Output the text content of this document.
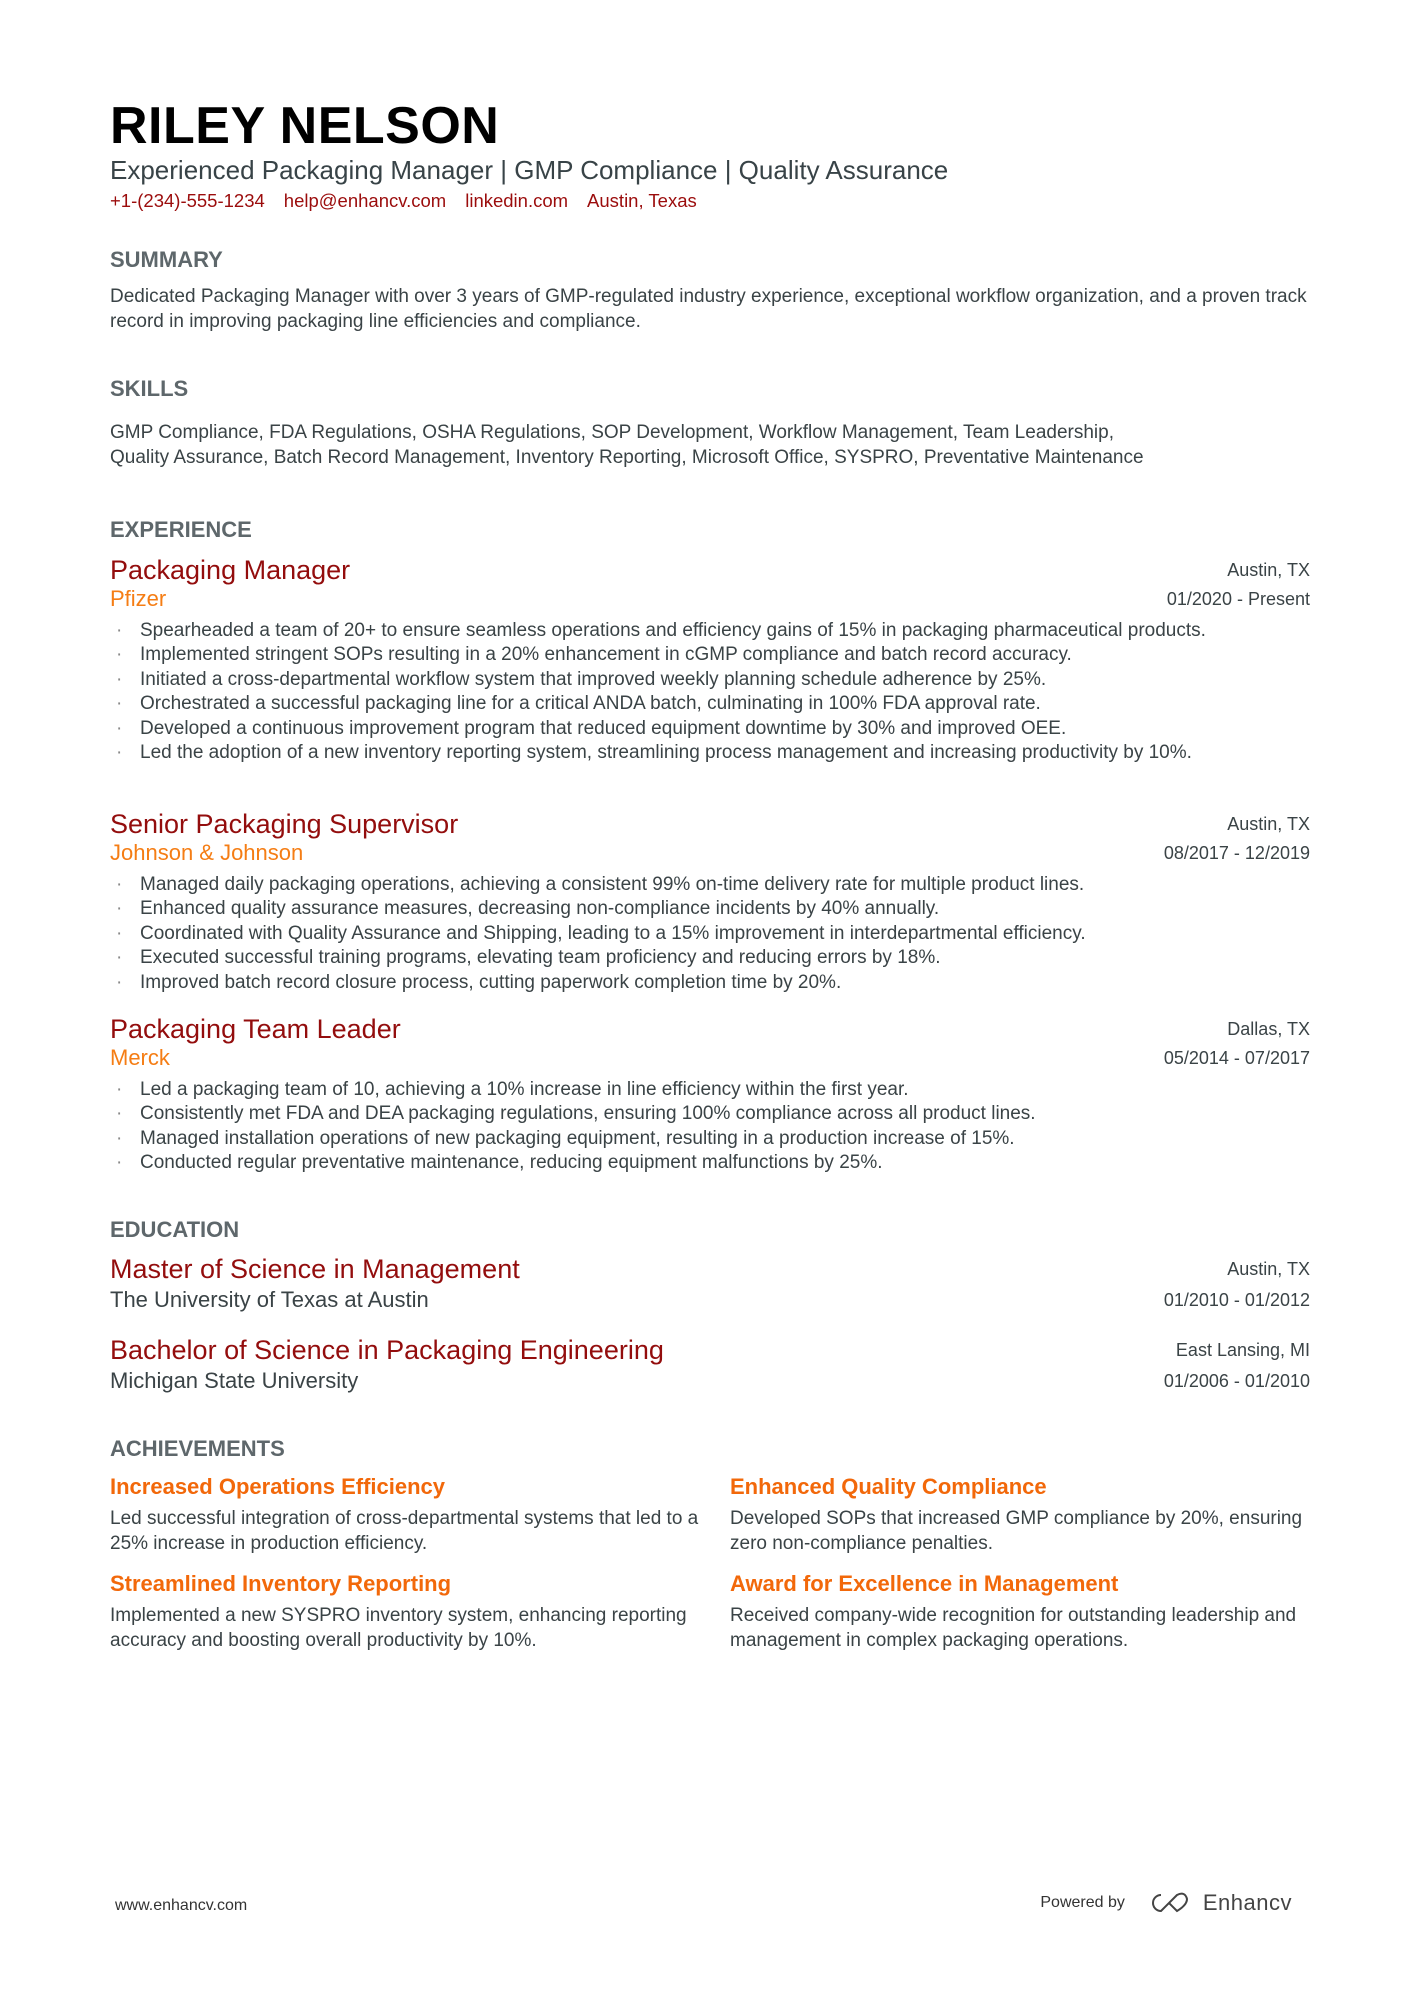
RILEY NELSON
Experienced Packaging Manager | GMP Compliance | Quality Assurance
+1-(234)-555-1234 help@enhancv.com linkedin.com Austin, Texas
SUMMARY
Dedicated Packaging Manager with over 3 years of GMP-regulated industry experience, exceptional workflow organization, and a proven track record in improving packaging line efficiencies and compliance.
SKILLS
GMP Compliance, FDA Regulations, OSHA Regulations, SOP Development, Workflow Management, Team Leadership,
Quality Assurance, Batch Record Management, Inventory Reporting, Microsoft Office, SYSPRO, Preventative Maintenance
EXPERIENCE
Packaging Manager	Austin, TX
Pfizer	01/2020 - Present
· Spearheaded a team of 20+ to ensure seamless operations and efficiency gains of 15% in packaging pharmaceutical products.
· Implemented stringent SOPs resulting in a 20% enhancement in cGMP compliance and batch record accuracy.
· Initiated a cross-departmental workflow system that improved weekly planning schedule adherence by 25%.
· Orchestrated a successful packaging line for a critical ANDA batch, culminating in 100% FDA approval rate.
· Developed a continuous improvement program that reduced equipment downtime by 30% and improved OEE.
· Led the adoption of a new inventory reporting system, streamlining process management and increasing productivity by 10%.
Senior Packaging Supervisor	Austin, TX
Johnson & Johnson	08/2017 - 12/2019
· Managed daily packaging operations, achieving a consistent 99% on-time delivery rate for multiple product lines.
· Enhanced quality assurance measures, decreasing non-compliance incidents by 40% annually.
· Coordinated with Quality Assurance and Shipping, leading to a 15% improvement in interdepartmental efficiency.
· Executed successful training programs, elevating team proficiency and reducing errors by 18%.
· Improved batch record closure process, cutting paperwork completion time by 20%.
Packaging Team Leader	Dallas, TX
Merck	05/2014 - 07/2017
· Led a packaging team of 10, achieving a 10% increase in line efficiency within the first year.
· Consistently met FDA and DEA packaging regulations, ensuring 100% compliance across all product lines.
· Managed installation operations of new packaging equipment, resulting in a production increase of 15%.
· Conducted regular preventative maintenance, reducing equipment malfunctions by 25%.
EDUCATION
Master of Science in Management	Austin, TX
The University of Texas at Austin	01/2010 - 01/2012
Bachelor of Science in Packaging Engineering	East Lansing, MI
Michigan State University	01/2006 - 01/2010
ACHIEVEMENTS
Increased Operations Efficiency
Led successful integration of cross-departmental systems that led to a 25% increase in production efficiency.
Enhanced Quality Compliance
Developed SOPs that increased GMP compliance by 20%, ensuring zero non-compliance penalties.
Streamlined Inventory Reporting
Implemented a new SYSPRO inventory system, enhancing reporting accuracy and boosting overall productivity by 10%.
Award for Excellence in Management
Received company-wide recognition for outstanding leadership and management in complex packaging operations.
www.enhancv.com	Powered by	Enhancv
